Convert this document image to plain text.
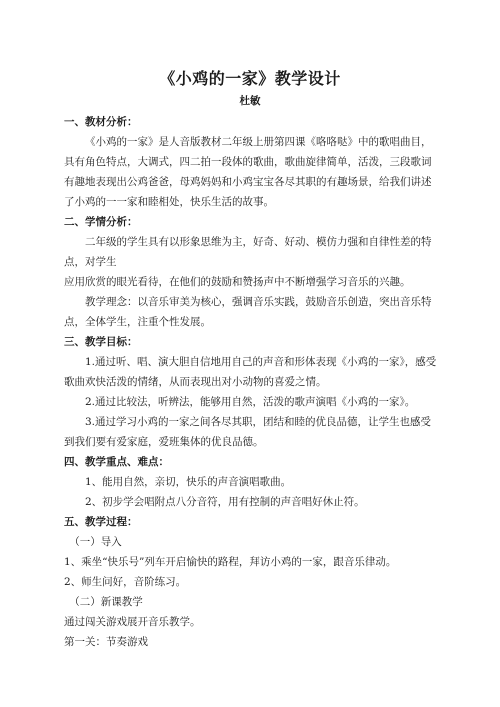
《小鸡的一家》教学设计
杜敏

一、教材分析：

《小鸡的一家》是人音版教材二年级上册第四课《咯咯哒》中的歌唱曲目，具有角色特点，大调式，四二拍一段体的歌曲，歌曲旋律简单，活泼，三段歌词有趣地表现出公鸡爸爸，母鸡妈妈和小鸡宝宝各尽其职的有趣场景，给我们讲述了小鸡的一一家和睦相处，快乐生活的故事。

二、学情分析：

二年级的学生具有以形象思维为主，好奇、好动、模仿力强和自律性差的特点，对学生

应用欣赏的眼光看待，在他们的鼓励和赞扬声中不断增强学习音乐的兴趣。

教学理念：以音乐审美为核心，强调音乐实践，鼓励音乐创造，突出音乐特点，全体学生，注重个性发展。

三、教学目标：

1.通过听、唱、演大胆自信地用自己的声音和形体表现《小鸡的一家》，感受歌曲欢快活泼的情绪，从而表现出对小动物的喜爱之情。

2.通过比较法，听辨法，能够用自然，活泼的歌声演唱《小鸡的一家》。

3.通过学习小鸡的一家之间各尽其职，团结和睦的优良品德，让学生也感受到我们要有爱家庭，爱班集体的优良品德。

四、教学重点、难点：

1、能用自然，亲切，快乐的声音演唱歌曲。

2、初步学会唱附点八分音符，用有控制的声音唱好休止符。

五、教学过程：

（一）导入

1、乘坐“快乐号”列车开启愉快的路程，拜访小鸡的一家，跟音乐律动。

2、师生问好，音阶练习。

（二）新课教学

通过闯关游戏展开音乐教学。

第一关：节奏游戏
